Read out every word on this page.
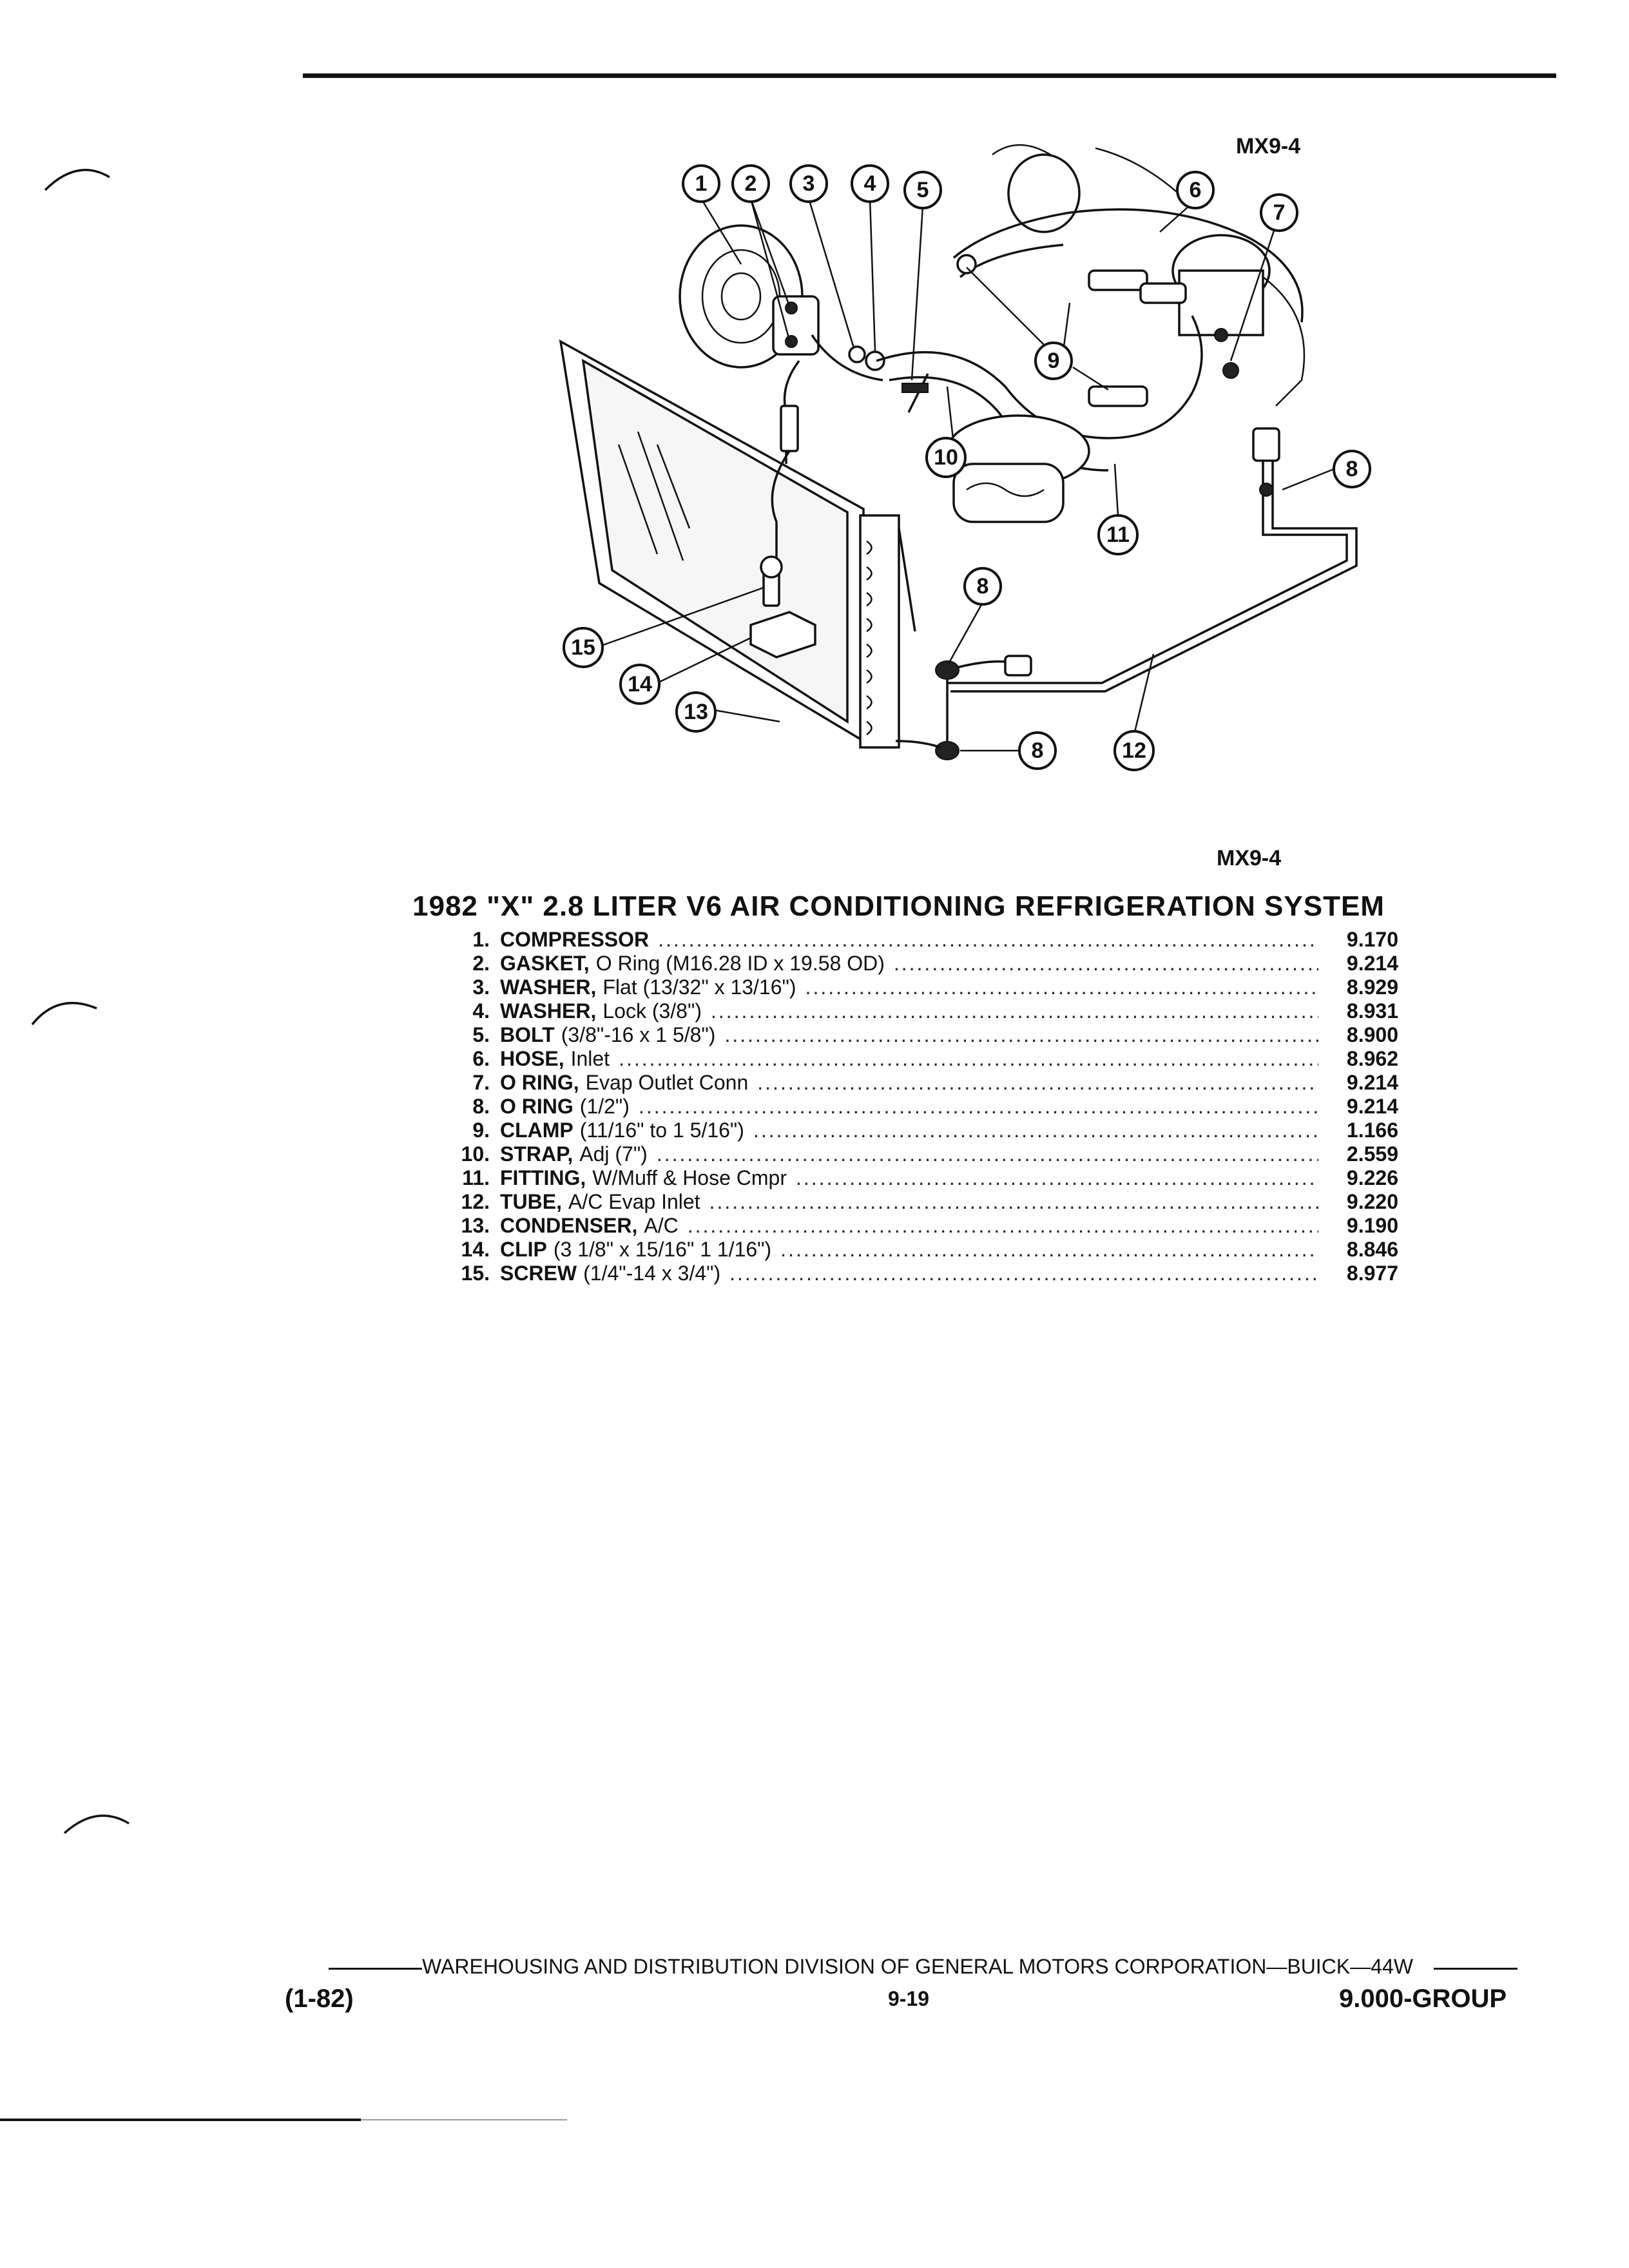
MX9-4
MX9-4
1 2 3 4 5	6
7
8
8
8
9
10
11
12
13
14
15
1982 "X" 2.8 LITER V6 AIR CONDITIONING REFRIGERATION SYSTEM
1. COMPRESSOR .....	9.170
2. GASKET, O Ring (M16.28 ID x 19.58 OD) .....	9.214
3. WASHER, Flat (13/32" x 13/16") .....	8.929
4. WASHER, Lock (3/8") .....	8.931
5. BOLT (3/8"-16 x 1 5/8") .....	8.900
6. HOSE, Inlet .....	8.962
7. O RING, Evap Outlet Conn .....	9.214
8. O RING (1/2") .....	9.214
9. CLAMP (11/16" to 1 5/16") .....	1.166
10. STRAP, Adj (7") .....	2.559
11. FITTING, W/Muff & Hose Cmpr .....	9.226
12. TUBE, A/C Evap Inlet .....	9.220
13. CONDENSER, A/C .....	9.190
14. CLIP (3 1/8" x 15/16" 1 1/16") .....	8.846
15. SCREW (1/4"-14 x 3/4") .....	8.977
WAREHOUSING AND DISTRIBUTION DIVISION OF GENERAL MOTORS CORPORATION—BUICK—44W
(1-82)	9-19	9.000-GROUP
